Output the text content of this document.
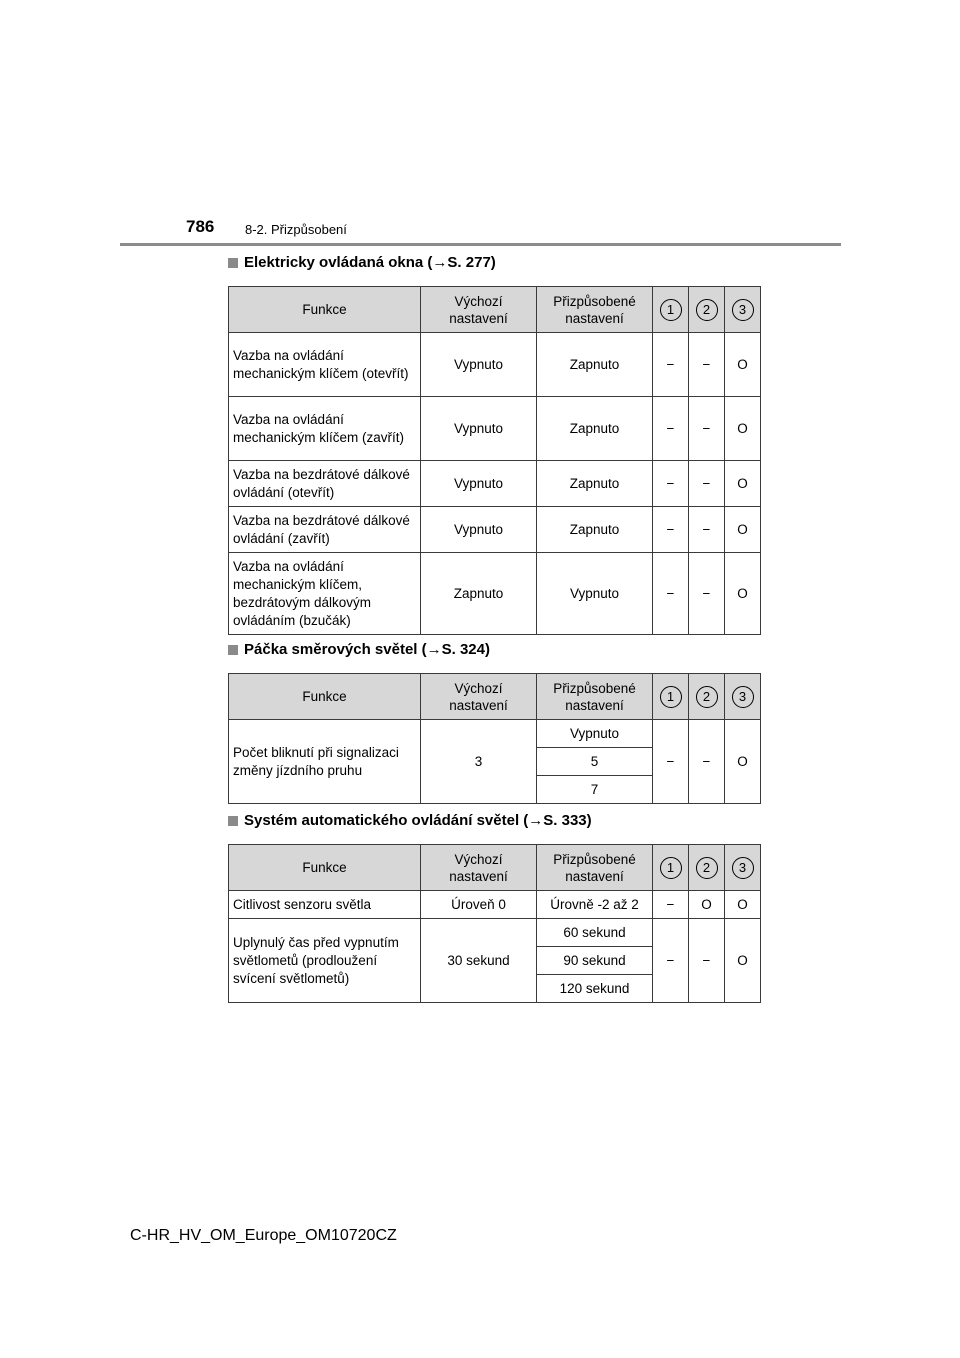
786 8-2. Přizpůsobení
Elektricky ovládaná okna (→S. 277)
Funkce	Výchozí nastavení	Přizpůsobené nastavení	1	2	3
Vazba na ovládání mechanickým klíčem (otevřít)	Vypnuto	Zapnuto	−	−	O
Vazba na ovládání mechanickým klíčem (zavřít)	Vypnuto	Zapnuto	−	−	O
Vazba na bezdrátové dálkové ovládání (otevřít)	Vypnuto	Zapnuto	−	−	O
Vazba na bezdrátové dálkové ovládání (zavřít)	Vypnuto	Zapnuto	−	−	O
Vazba na ovládání mechanickým klíčem, bezdrátovým dálkovým ovládáním (bzučák)	Zapnuto	Vypnuto	−	−	O
Páčka směrových světel (→S. 324)
Funkce	Výchozí nastavení	Přizpůsobené nastavení	1	2	3
Počet bliknutí při signalizaci změny jízdního pruhu	3	Vypnuto	−	−	O
		5			
		7			
Systém automatického ovládání světel (→S. 333)
Funkce	Výchozí nastavení	Přizpůsobené nastavení	1	2	3
Citlivost senzoru světla	Úroveň 0	Úrovně -2 až 2	−	O	O
Uplynulý čas před vypnutím světlometů (prodloužení svícení světlometů)	30 sekund	60 sekund	−	−	O
		90 sekund			
		120 sekund			
C-HR_HV_OM_Europe_OM10720CZ
